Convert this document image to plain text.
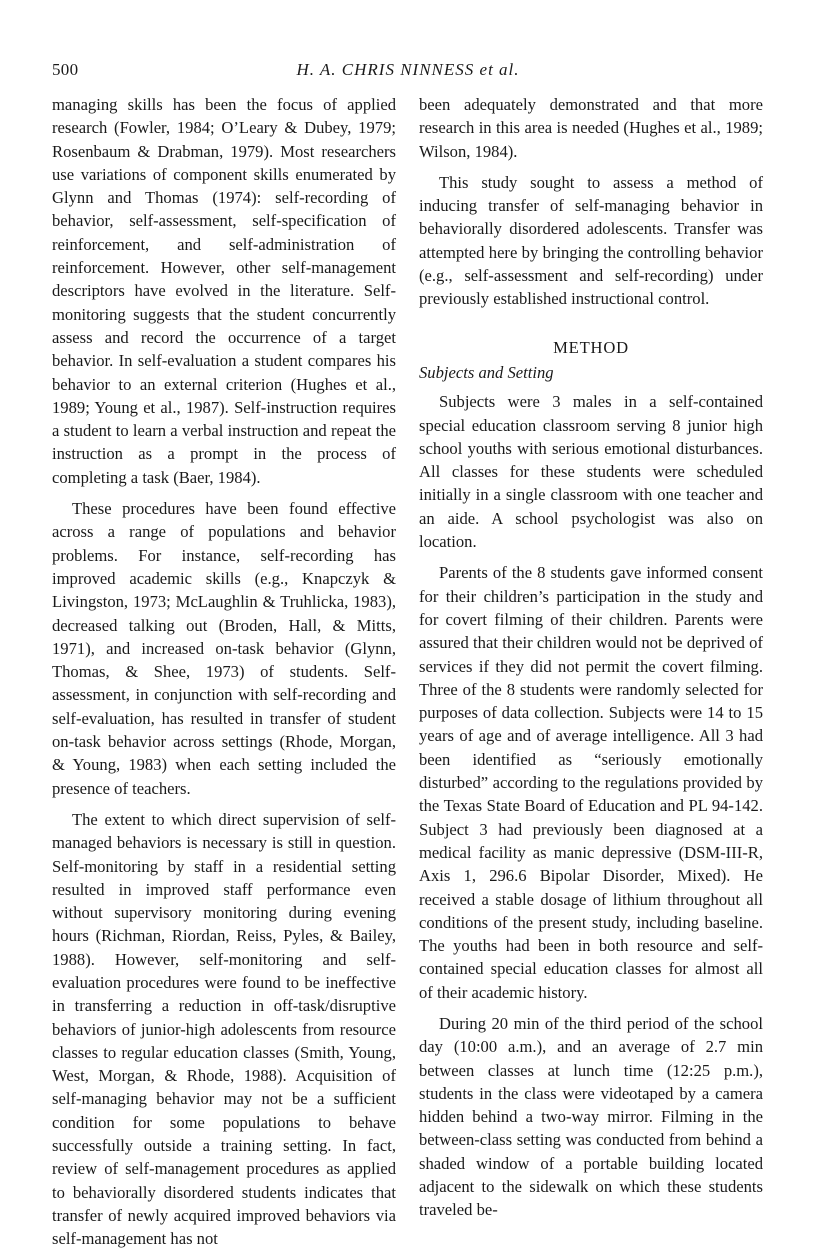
500	H. A. CHRIS NINNESS et al.

managing skills has been the focus of applied research (Fowler, 1984; O’Leary & Dubey, 1979; Rosenbaum & Drabman, 1979). Most researchers use variations of component skills enumerated by Glynn and Thomas (1974): self-recording of behavior, self-assessment, self-specification of reinforcement, and self-administration of reinforcement. However, other self-management descriptors have evolved in the literature. Self-monitoring suggests that the student concurrently assess and record the occurrence of a target behavior. In self-evaluation a student compares his behavior to an external criterion (Hughes et al., 1989; Young et al., 1987). Self-instruction requires a student to learn a verbal instruction and repeat the instruction as a prompt in the process of completing a task (Baer, 1984).

These procedures have been found effective across a range of populations and behavior problems. For instance, self-recording has improved academic skills (e.g., Knapczyk & Livingston, 1973; McLaughlin & Truhlicka, 1983), decreased talking out (Broden, Hall, & Mitts, 1971), and increased on-task behavior (Glynn, Thomas, & Shee, 1973) of students. Self-assessment, in conjunction with self-recording and self-evaluation, has resulted in transfer of student on-task behavior across settings (Rhode, Morgan, & Young, 1983) when each setting included the presence of teachers.

The extent to which direct supervision of self-managed behaviors is necessary is still in question. Self-monitoring by staff in a residential setting resulted in improved staff performance even without supervisory monitoring during evening hours (Richman, Riordan, Reiss, Pyles, & Bailey, 1988). However, self-monitoring and self-evaluation procedures were found to be ineffective in transferring a reduction in off-task/disruptive behaviors of junior-high adolescents from resource classes to regular education classes (Smith, Young, West, Morgan, & Rhode, 1988). Acquisition of self-managing behavior may not be a sufficient condition for some populations to behave successfully outside a training setting. In fact, review of self-management procedures as applied to behaviorally disordered students indicates that transfer of newly acquired improved behaviors via self-management has not

been adequately demonstrated and that more research in this area is needed (Hughes et al., 1989; Wilson, 1984).

This study sought to assess a method of inducing transfer of self-managing behavior in behaviorally disordered adolescents. Transfer was attempted here by bringing the controlling behavior (e.g., self-assessment and self-recording) under previously established instructional control.

METHOD
Subjects and Setting

Subjects were 3 males in a self-contained special education classroom serving 8 junior high school youths with serious emotional disturbances. All classes for these students were scheduled initially in a single classroom with one teacher and an aide. A school psychologist was also on location.

Parents of the 8 students gave informed consent for their children’s participation in the study and for covert filming of their children. Parents were assured that their children would not be deprived of services if they did not permit the covert filming. Three of the 8 students were randomly selected for purposes of data collection. Subjects were 14 to 15 years of age and of average intelligence. All 3 had been identified as “seriously emotionally disturbed” according to the regulations provided by the Texas State Board of Education and PL 94-142. Subject 3 had previously been diagnosed at a medical facility as manic depressive (DSM-III-R, Axis 1, 296.6 Bipolar Disorder, Mixed). He received a stable dosage of lithium throughout all conditions of the present study, including baseline. The youths had been in both resource and self-contained special education classes for almost all of their academic history.

During 20 min of the third period of the school day (10:00 a.m.), and an average of 2.7 min between classes at lunch time (12:25 p.m.), students in the class were videotaped by a camera hidden behind a two-way mirror. Filming in the between-class setting was conducted from behind a shaded window of a portable building located adjacent to the sidewalk on which these students traveled be-
